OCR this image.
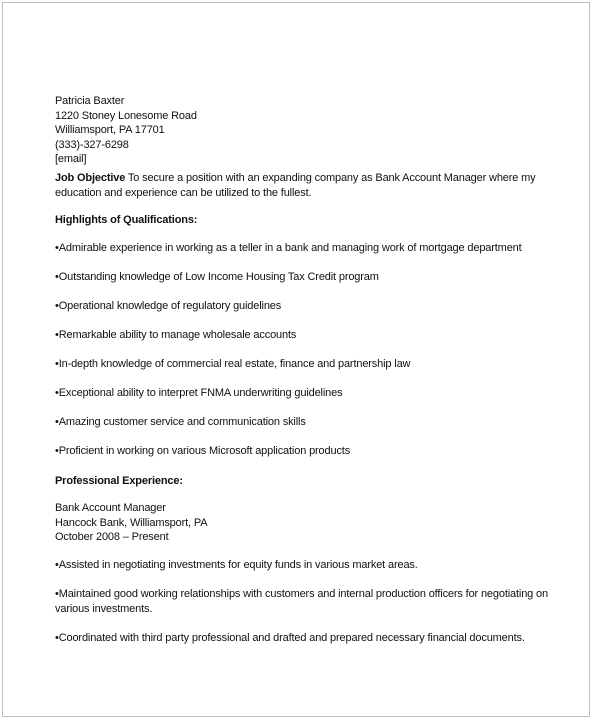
Patricia Baxter
1220 Stoney Lonesome Road
Williamsport, PA 17701
(333)-327-6298
[email]
Job Objective To secure a position with an expanding company as Bank Account Manager where my
education and experience can be utilized to the fullest.
Highlights of Qualifications:
•Admirable experience in working as a teller in a bank and managing work of mortgage department
•Outstanding knowledge of Low Income Housing Tax Credit program
•Operational knowledge of regulatory guidelines
•Remarkable ability to manage wholesale accounts
•In-depth knowledge of commercial real estate, finance and partnership law
•Exceptional ability to interpret FNMA underwriting guidelines
•Amazing customer service and communication skills
•Proficient in working on various Microsoft application products
Professional Experience:
Bank Account Manager
Hancock Bank, Williamsport, PA
October 2008 – Present
•Assisted in negotiating investments for equity funds in various market areas.
•Maintained good working relationships with customers and internal production officers for negotiating on
various investments.
•Coordinated with third party professional and drafted and prepared necessary financial documents.
